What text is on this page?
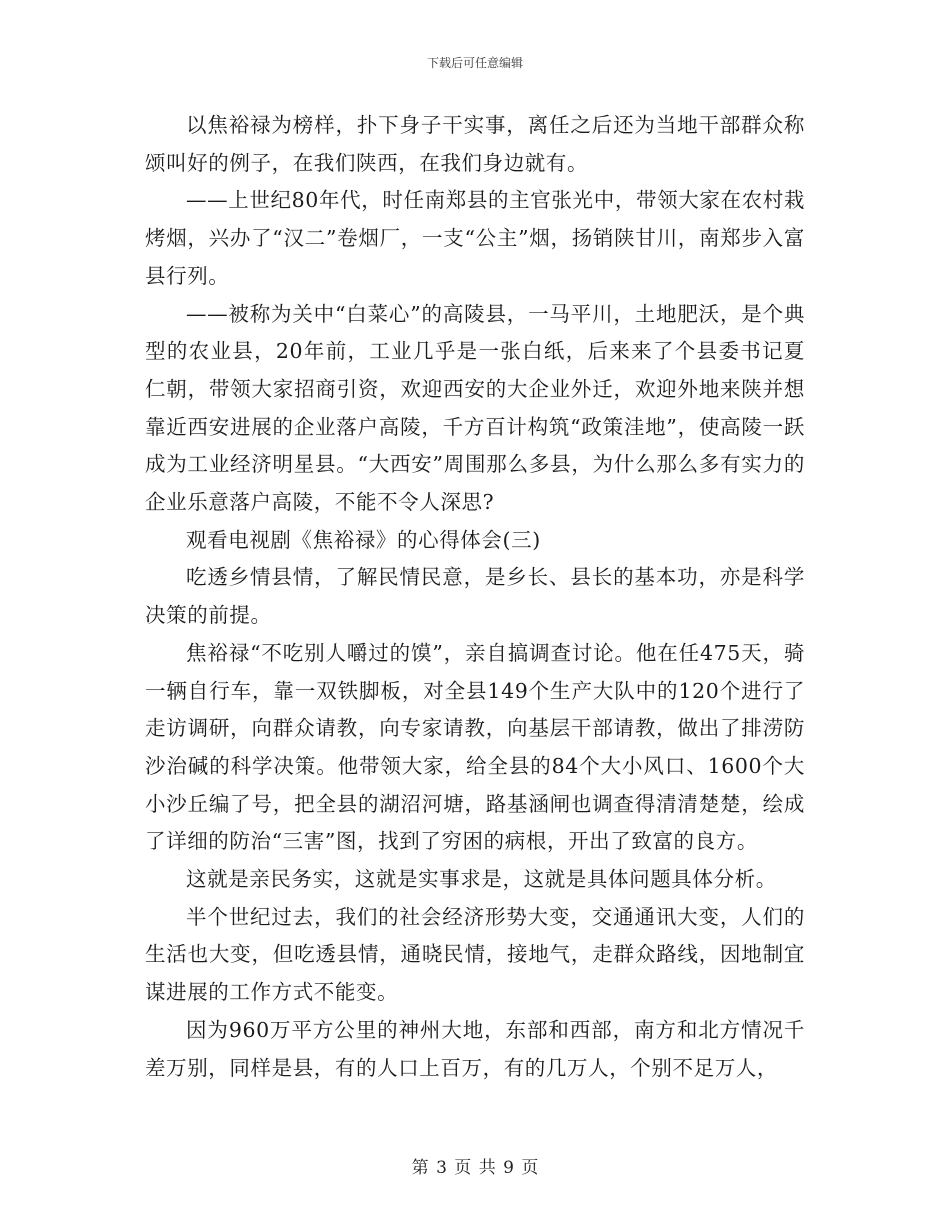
下载后可任意编辑

以焦裕禄为榜样，扑下身子干实事，离任之后还为当地干部群众称颂叫好的例子，在我们陕西，在我们身边就有。

——上世纪80年代，时任南郑县的主官张光中，带领大家在农村栽烤烟，兴办了“汉二”卷烟厂，一支“公主”烟，扬销陕甘川，南郑步入富县行列。

——被称为关中“白菜心”的高陵县，一马平川，土地肥沃，是个典型的农业县，20年前，工业几乎是一张白纸，后来来了个县委书记夏仁朝，带领大家招商引资，欢迎西安的大企业外迁，欢迎外地来陕并想靠近西安进展的企业落户高陵，千方百计构筑“政策洼地”，使高陵一跃成为工业经济明星县。“大西安”周围那么多县，为什么那么多有实力的企业乐意落户高陵，不能不令人深思?

观看电视剧《焦裕禄》的心得体会(三)

吃透乡情县情，了解民情民意，是乡长、县长的基本功，亦是科学决策的前提。

焦裕禄“不吃别人嚼过的馍”，亲自搞调查讨论。他在任475天，骑一辆自行车，靠一双铁脚板，对全县149个生产大队中的120个进行了走访调研，向群众请教，向专家请教，向基层干部请教，做出了排涝防沙治碱的科学决策。他带领大家，给全县的84个大小风口、1600个大小沙丘编了号，把全县的湖沼河塘，路基涵闸也调查得清清楚楚，绘成了详细的防治“三害”图，找到了穷困的病根，开出了致富的良方。

这就是亲民务实，这就是实事求是，这就是具体问题具体分析。

半个世纪过去，我们的社会经济形势大变，交通通讯大变，人们的生活也大变，但吃透县情，通晓民情，接地气，走群众路线，因地制宜谋进展的工作方式不能变。

因为960万平方公里的神州大地，东部和西部，南方和北方情况千差万别，同样是县，有的人口上百万，有的几万人，个别不足万人，

第 3 页 共 9 页
